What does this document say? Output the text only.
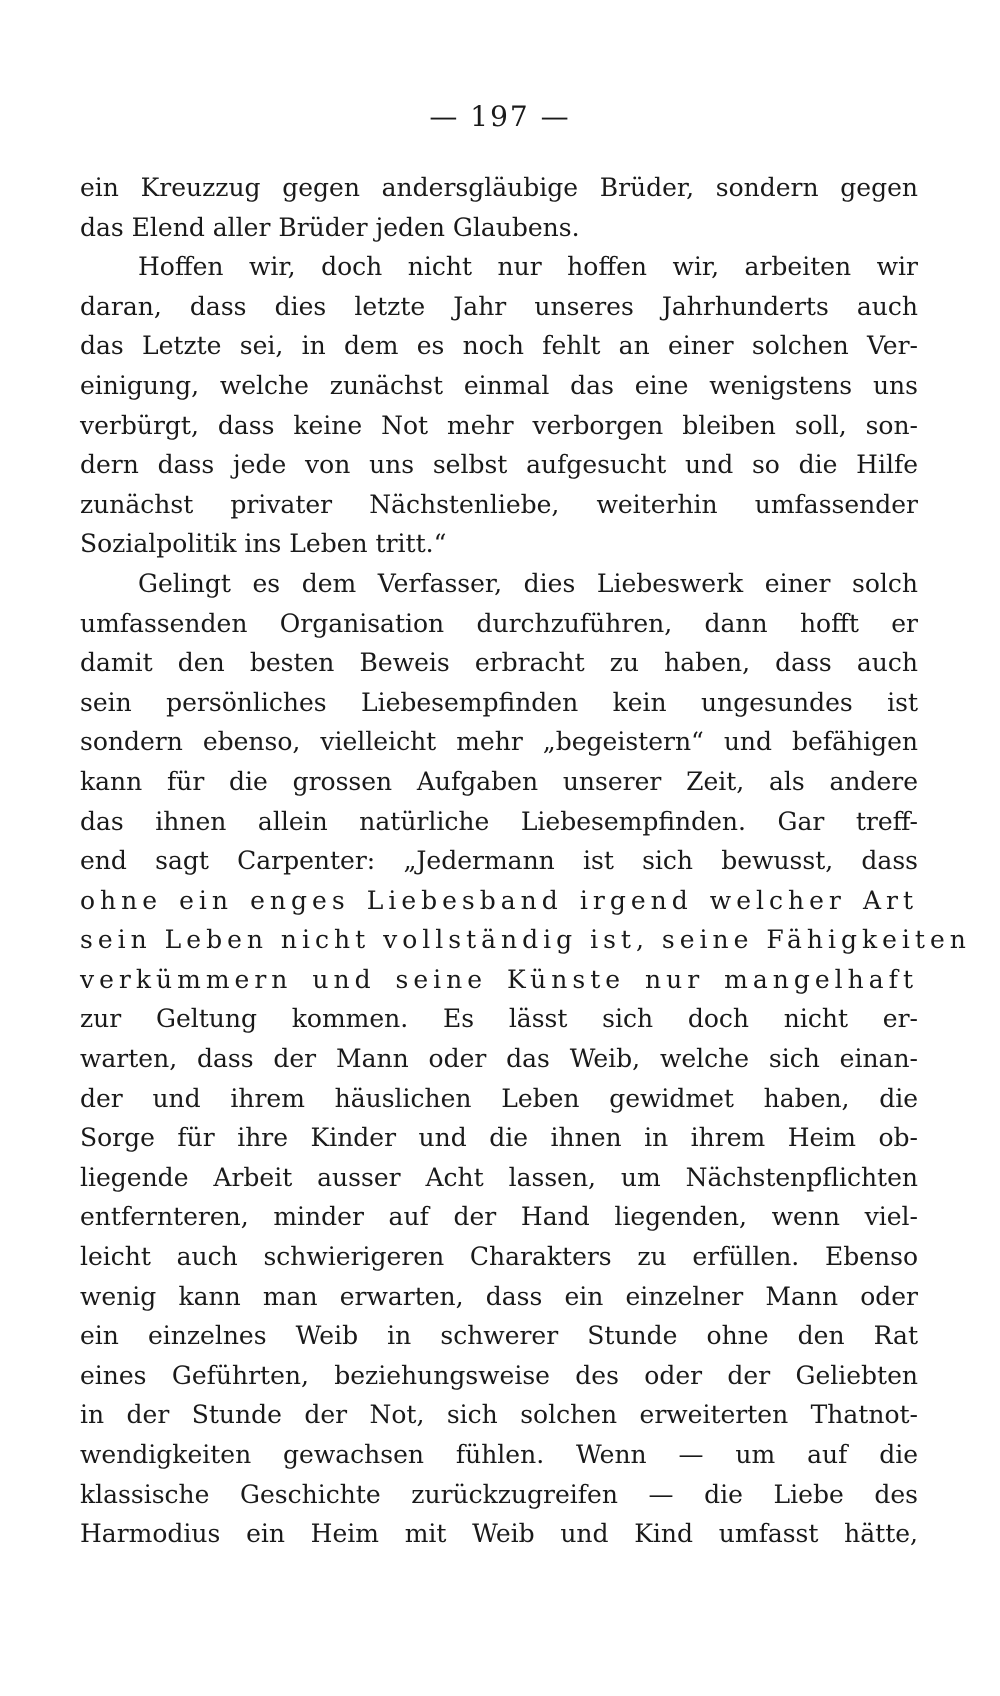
— 197 —
ein Kreuzzug gegen andersgläubige Brüder, sondern gegen
das Elend aller Brüder jeden Glaubens.
Hoffen wir, doch nicht nur hoffen wir, arbeiten wir
daran, dass dies letzte Jahr unseres Jahrhunderts auch
das Letzte sei, in dem es noch fehlt an einer solchen Ver-
einigung, welche zunächst einmal das eine wenigstens uns
verbürgt, dass keine Not mehr verborgen bleiben soll, son-
dern dass jede von uns selbst aufgesucht und so die Hilfe
zunächst privater Nächstenliebe, weiterhin umfassender
Sozialpolitik ins Leben tritt.“
Gelingt es dem Verfasser, dies Liebeswerk einer solch
umfassenden Organisation durchzuführen, dann hofft er
damit den besten Beweis erbracht zu haben, dass auch
sein persönliches Liebesempfinden kein ungesundes ist
sondern ebenso, vielleicht mehr „begeistern“ und befähigen
kann für die grossen Aufgaben unserer Zeit, als andere
das ihnen allein natürliche Liebesempfinden. Gar treff-
end sagt Carpenter: „Jedermann ist sich bewusst, dass
ohne ein enges Liebesband irgend welcher Art
sein Leben nicht vollständig ist, seine Fähigkeiten
verkümmern und seine Künste nur mangelhaft
zur Geltung kommen. Es lässt sich doch nicht er-
warten, dass der Mann oder das Weib, welche sich einan-
der und ihrem häuslichen Leben gewidmet haben, die
Sorge für ihre Kinder und die ihnen in ihrem Heim ob-
liegende Arbeit ausser Acht lassen, um Nächstenpflichten
entfernteren, minder auf der Hand liegenden, wenn viel-
leicht auch schwierigeren Charakters zu erfüllen. Ebenso
wenig kann man erwarten, dass ein einzelner Mann oder
ein einzelnes Weib in schwerer Stunde ohne den Rat
eines Geführten, beziehungsweise des oder der Geliebten
in der Stunde der Not, sich solchen erweiterten Thatnot-
wendigkeiten gewachsen fühlen. Wenn — um auf die
klassische Geschichte zurückzugreifen — die Liebe des
Harmodius ein Heim mit Weib und Kind umfasst hätte,
